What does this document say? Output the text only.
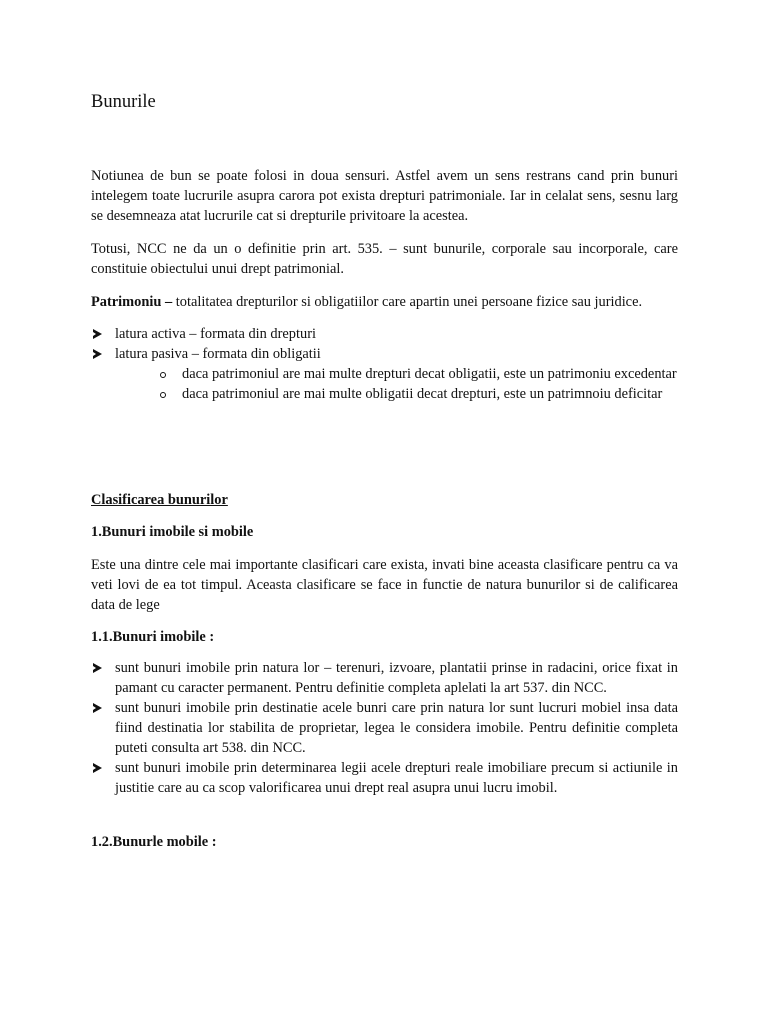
Bunurile

Notiunea de bun se poate folosi in doua sensuri. Astfel avem un sens restrans cand prin bunuri intelegem toate lucrurile asupra carora pot exista drepturi patrimoniale. Iar in celalat sens, sesnu larg se desemneaza atat lucrurile cat si drepturile privitoare la acestea.

Totusi, NCC ne da un o definitie prin art. 535. – sunt bunurile, corporale sau incorporale, care constituie obiectului unui drept patrimonial.

Patrimoniu – totalitatea drepturilor si obligatiilor care apartin unei persoane fizice sau juridice.

latura activa – formata din drepturi
latura pasiva – formata din obligatii
daca patrimoniul are mai multe drepturi decat obligatii, este un patrimoniu excedentar
daca patrimoniul are mai multe obligatii decat drepturi, este un patrimnoiu deficitar

Clasificarea bunurilor

1.Bunuri imobile si mobile

Este una dintre cele mai importante clasificari care exista, invati bine aceasta clasificare pentru ca va veti lovi de ea tot timpul. Aceasta clasificare se face in functie de natura bunurilor si de calificarea data de lege

1.1.Bunuri imobile :

sunt bunuri imobile prin natura lor – terenuri, izvoare, plantatii prinse in radacini, orice fixat in pamant cu caracter permanent. Pentru definitie completa aplelati la art 537. din NCC.
sunt bunuri imobile prin destinatie acele bunri care prin natura lor sunt lucruri mobiel insa data fiind destinatia lor stabilita de proprietar, legea le considera imobile. Pentru definitie completa puteti consulta art 538. din NCC.
sunt bunuri imobile prin determinarea legii acele drepturi reale imobiliare precum si actiunile in justitie care au ca scop valorificarea unui drept real asupra unui lucru imobil.

1.2.Bunurle mobile :
